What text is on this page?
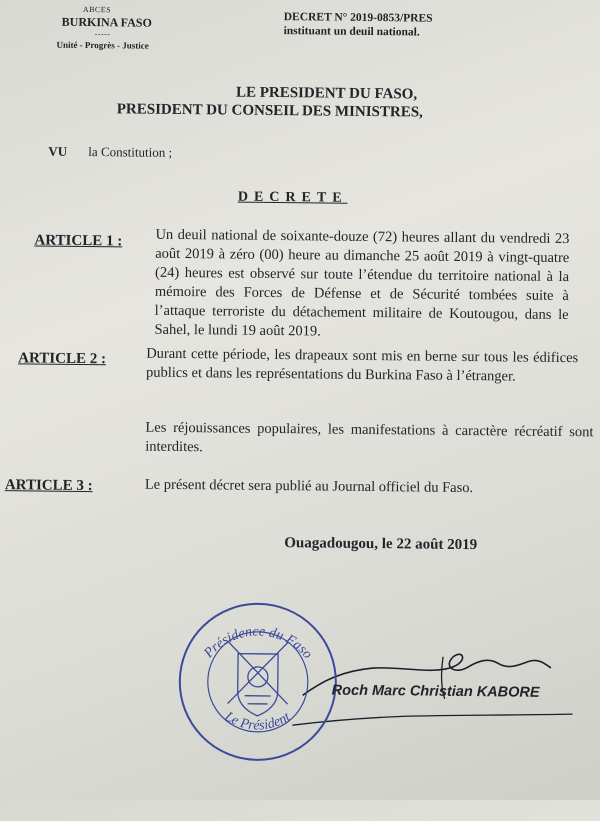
ABCES
BURKINA FASO
-----
Unité - Progrès - Justice
DECRET N° 2019-0853/PRES
instituant un deuil national.
LE PRESIDENT DU FASO,
PRESIDENT DU CONSEIL DES MINISTRES,
VU la Constitution ;
DECRETE
ARTICLE 1 : Un deuil national de soixante-douze (72) heures allant du vendredi 23 août 2019 à zéro (00) heure au dimanche 25 août 2019 à vingt-quatre (24) heures est observé sur toute l’étendue du territoire national à la mémoire des Forces de Défense et de Sécurité tombées suite à l’attaque terroriste du détachement militaire de Koutougou, dans le Sahel, le lundi 19 août 2019.
ARTICLE 2 :	Durant cette période, les drapeaux sont mis en berne sur tous les édifices publics et dans les représentations du Burkina Faso à l’étranger.
Les réjouissances populaires, les manifestations à caractère récréatif sont interdites.
ARTICLE 3 :	Le présent décret sera publié au Journal officiel du Faso.
Ouagadougou, le 22 août 2019
Présidence du Faso
Le Président
Roch Marc Christian KABORE
